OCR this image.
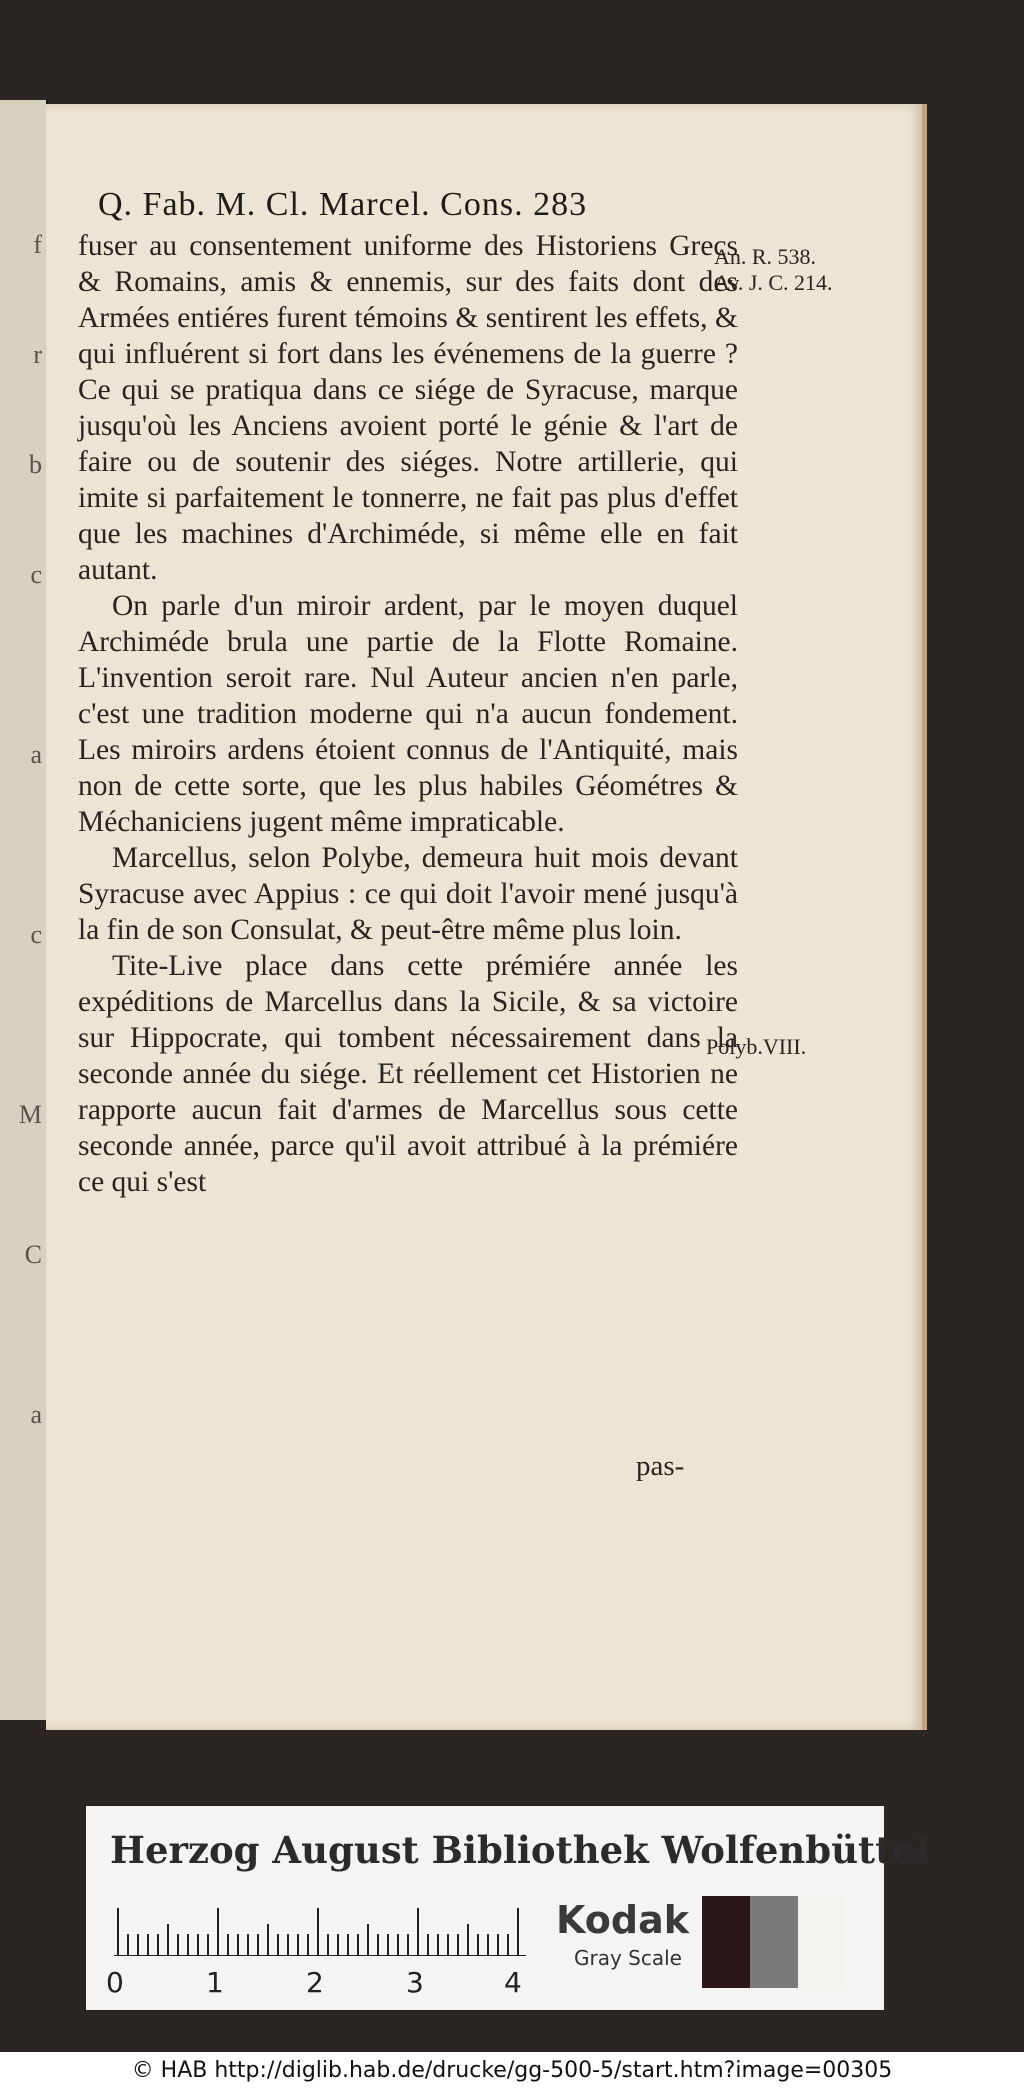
f
r
b
c
a
c
M
C
a
Q. Fab. M. Cl. Marcel. Cons. 283

fuser au consentement uniforme des Historiens Grecs & Romains, amis & ennemis, sur des faits dont des Armées entiéres furent témoins & sentirent les effets, & qui influérent si fort dans les événemens de la guerre ? Ce qui se pratiqua dans ce siége de Syracuse, marque jusqu'où les Anciens avoient porté le génie & l'art de faire ou de soutenir des siéges. Notre artillerie, qui imite si parfaitement le tonnerre, ne fait pas plus d'effet que les machines d'Archiméde, si même elle en fait autant.

On parle d'un miroir ardent, par le moyen duquel Archiméde brula une partie de la Flotte Romaine. L'invention seroit rare. Nul Auteur ancien n'en parle, c'est une tradition moderne qui n'a aucun fondement. Les miroirs ardens étoient connus de l'Antiquité, mais non de cette sorte, que les plus habiles Géométres & Méchaniciens jugent même impraticable.

Marcellus, selon Polybe, demeura huit mois devant Syracuse avec Appius : ce qui doit l'avoir mené jusqu'à la fin de son Consulat, & peut-être même plus loin.

Tite-Live place dans cette prémiére année les expéditions de Marcellus dans la Sicile, & sa victoire sur Hippocrate, qui tombent nécessairement dans la seconde année du siége. Et réellement cet Historien ne rapporte aucun fait d'armes de Marcellus sous cette seconde année, parce qu'il avoit attribué à la prémiére ce qui s'est

pas-
An. R. 538. Av. J. C. 214.
Polyb.VIII.
Herzog August Bibliothek Wolfenbüttel
0	1	2	3	4
Kodak
Gray Scale
© HAB http://diglib.hab.de/drucke/gg-500-5/start.htm?image=00305
